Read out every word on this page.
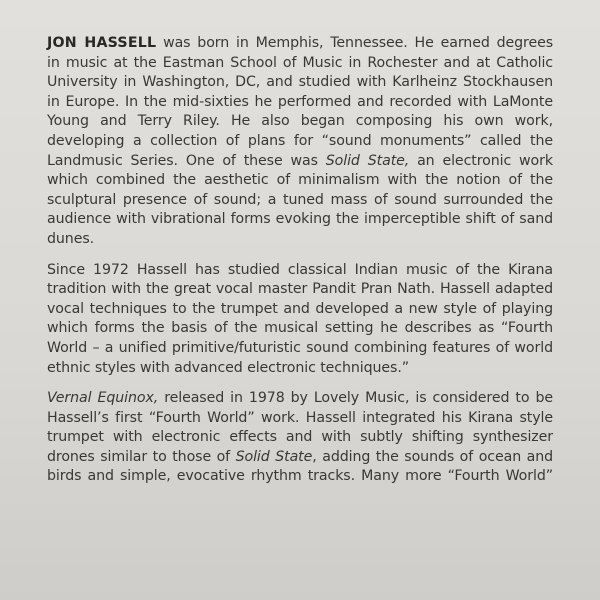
JON HASSELL was born in Memphis, Tennessee. He earned degrees
in music at the Eastman School of Music in Rochester and at Catholic
University in Washington, DC, and studied with Karlheinz Stockhausen
in Europe. In the mid-sixties he performed and recorded with LaMonte
Young and Terry Riley. He also began composing his own work,
developing a collection of plans for “sound monuments” called the
Landmusic Series. One of these was Solid State, an electronic work
which combined the aesthetic of minimalism with the notion of the
sculptural presence of sound; a tuned mass of sound surrounded the
audience with vibrational forms evoking the imperceptible shift of sand
dunes.

Since 1972 Hassell has studied classical Indian music of the Kirana
tradition with the great vocal master Pandit Pran Nath. Hassell adapted
vocal techniques to the trumpet and developed a new style of playing
which forms the basis of the musical setting he describes as “Fourth
World – a unified primitive/futuristic sound combining features of world
ethnic styles with advanced electronic techniques.”

Vernal Equinox, released in 1978 by Lovely Music, is considered to be
Hassell’s first “Fourth World” work. Hassell integrated his Kirana style
trumpet with electronic effects and with subtly shifting synthesizer
drones similar to those of Solid State, adding the sounds of ocean and
birds and simple, evocative rhythm tracks. Many more “Fourth World”
